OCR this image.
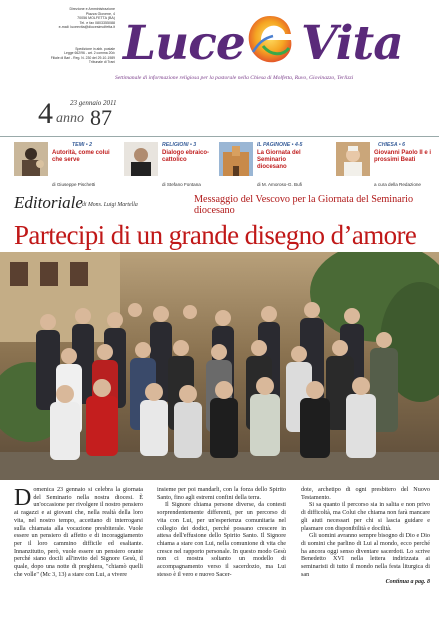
Direzione e Amministrazione
Piazza Giovene, 4
70056 MOLFETTA (BA)
Tel. e fax 0803355088
e-mail: luceevita@diocesimolfetta.it
Spedizione in abb. postale
Legge 662/96 - art. 2 comma 20/c
Filiale di Bari - Reg. N. 230 del 29-10-1989
Tribunale di Trani Luce Vita
Settimanale di informazione religiosa per la pastorale nella Chiesa di Molfetta, Ruvo, Giovinazzo, Terlizzi
4 anno 87
23 gennaio 2011
TEMI • 2
Autorità, come colui che serve
di Giuseppe Pischetti
RELIGIONI • 3
Dialogo ebraico-cattolico
di Stefano Fontana
IL PAGINONE • 4-5
La Giornata del Seminario diocesano
di M. Amoroso-G. Bufi
CHIESA • 6
Giovanni Paolo II e i prossimi Beati
a cura della Redazione
Editoriale di Mons. Luigi Martella	Messaggio del Vescovo per la Giornata del Seminario diocesano
Partecipi di un grande disegno d’amore

Domenica 23 gennaio si celebra la giornata del Seminario nella nostra diocesi. È un'occasione per rivolgere il nostro pensiero ai ragazzi e ai giovani che, nella realtà della loro vita, nel nostro tempo, accettano di interrogarsi sulla chiamata alla vocazione presbiterale. Vuole essere un pensiero di affetto e di incoraggiamento per il loro cammino difficile ed esaltante. Innanzitutto, però, vuole essere un pensiero orante perché siano docili all'invito del Signore Gesù, il quale, dopo una notte di preghiera, "chiamò quelli che volle" (Mc 3, 13) a stare con Lui, a vivere

insieme per poi mandarli, con la forza dello Spirito Santo, fino agli estremi confini della terra.

Il Signore chiama persone diverse, da contesti sorprendentemente differenti, per un percorso di vita con Lui, per un'esperienza comunitaria nel collegio dei dodici, perché possano crescere in attesa dell'effusione dello Spirito Santo. Il Signore chiama a stare con Lui, nella comunione di vita che cresce nel rapporto personale. In questo modo Gesù non ci mostra soltanto un modello di accompagnamento verso il sacerdozio, ma Lui stesso è il vero e nuovo Sacer-

dote, archetipo di ogni presbitero del Nuovo Testamento.

Si sa quanto il percorso sia in salita e non privo di difficoltà, ma Colui che chiama non farà mancare gli aiuti necessari per chi si lascia guidare e plasmare con disponibilità e docilità.

Gli uomini avranno sempre bisogno di Dio e Dio di uomini che parlino di Lui al mondo, ecco perché ha ancora oggi senso diventare sacerdoti. Lo scrive Benedetto XVI nella lettera indirizzata ai seminaristi di tutto il mondo nella festa liturgica di san

Continua a pag. 8
